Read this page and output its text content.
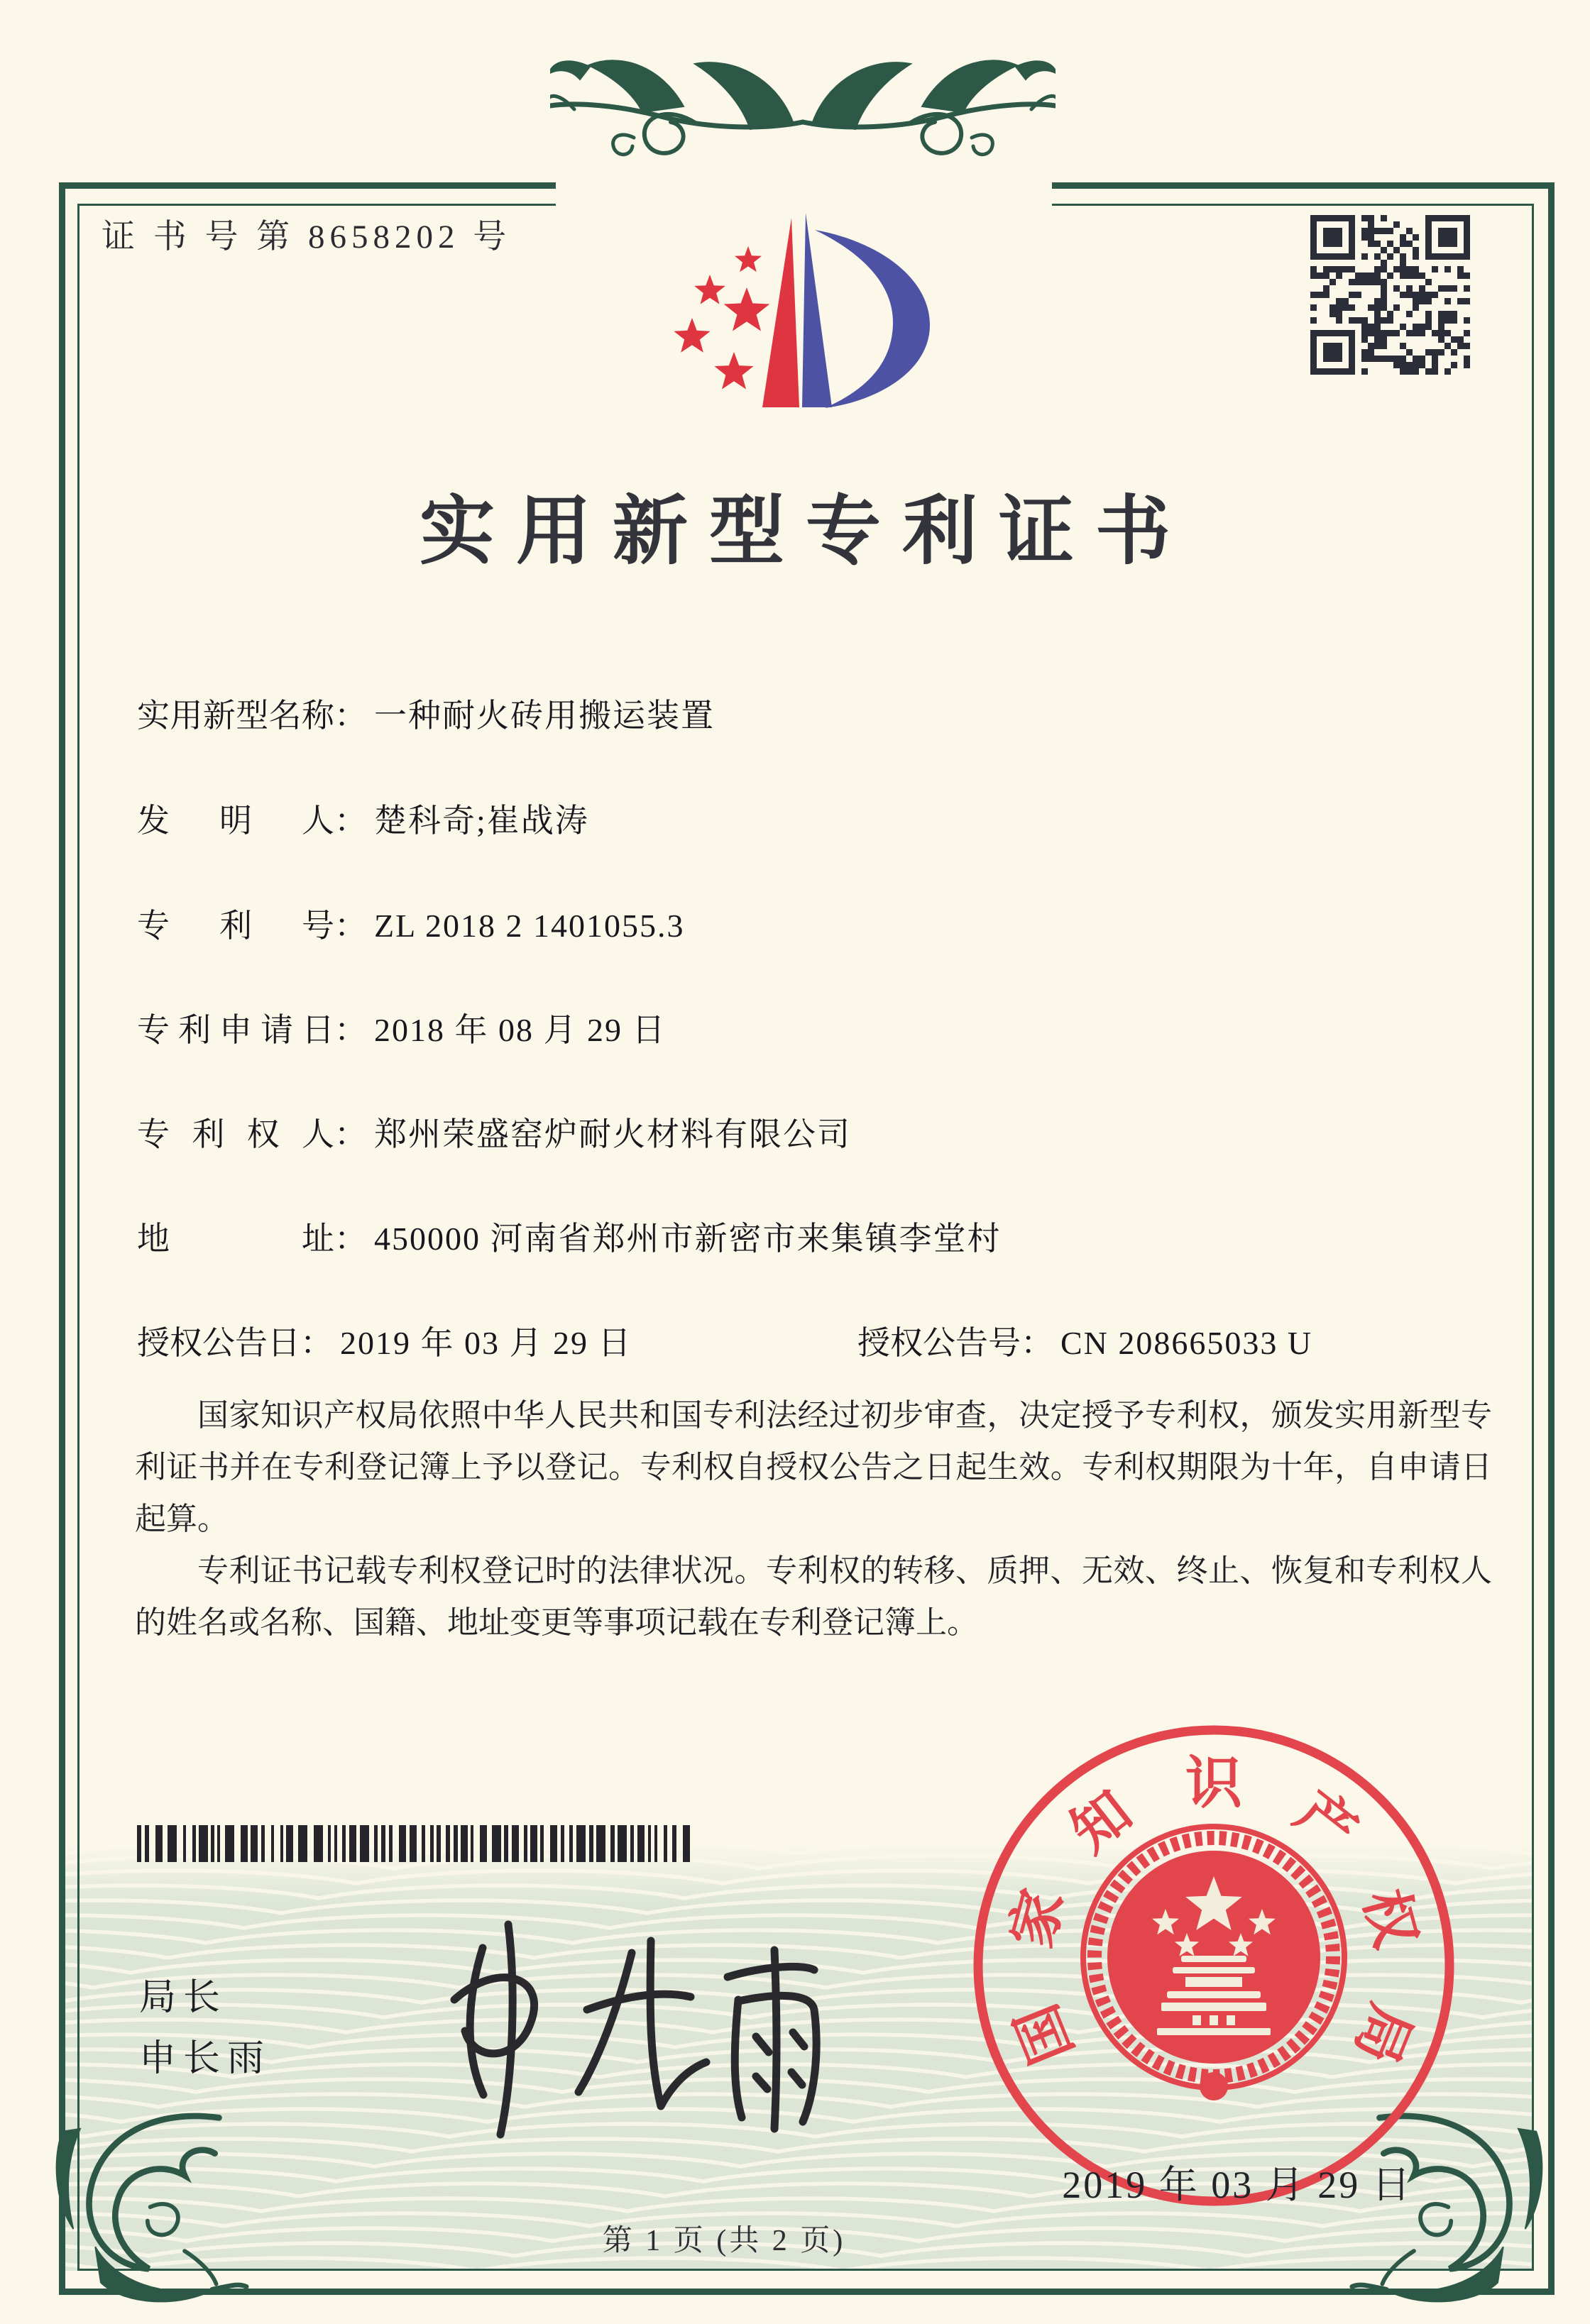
证 书 号 第 8658202 号
实用新型专利证书
实用新型名称： 一种耐火砖用搬运装置
发明人： 楚科奇;崔战涛
专利号： ZL 2018 2 1401055.3
专利申请日： 2018 年 08 月 29 日
专利权人： 郑州荣盛窑炉耐火材料有限公司
地址： 450000 河南省郑州市新密市来集镇李堂村
授权公告日： 2019 年 03 月 29 日	授权公告号： CN 208665033 U

国家知识产权局依照中华人民共和国专利法经过初步审查，决定授予专利权，颁发实用新型专利证书并在专利登记簿上予以登记。专利权自授权公告之日起生效。专利权期限为十年，自申请日起算。

专利证书记载专利权登记时的法律状况。专利权的转移、质押、无效、终止、恢复和专利权人的姓名或名称、国籍、地址变更等事项记载在专利登记簿上。

局长
申长雨	国
家
知 识 产
权
局
2019 年 03 月 29 日
第 1 页 (共 2 页)
